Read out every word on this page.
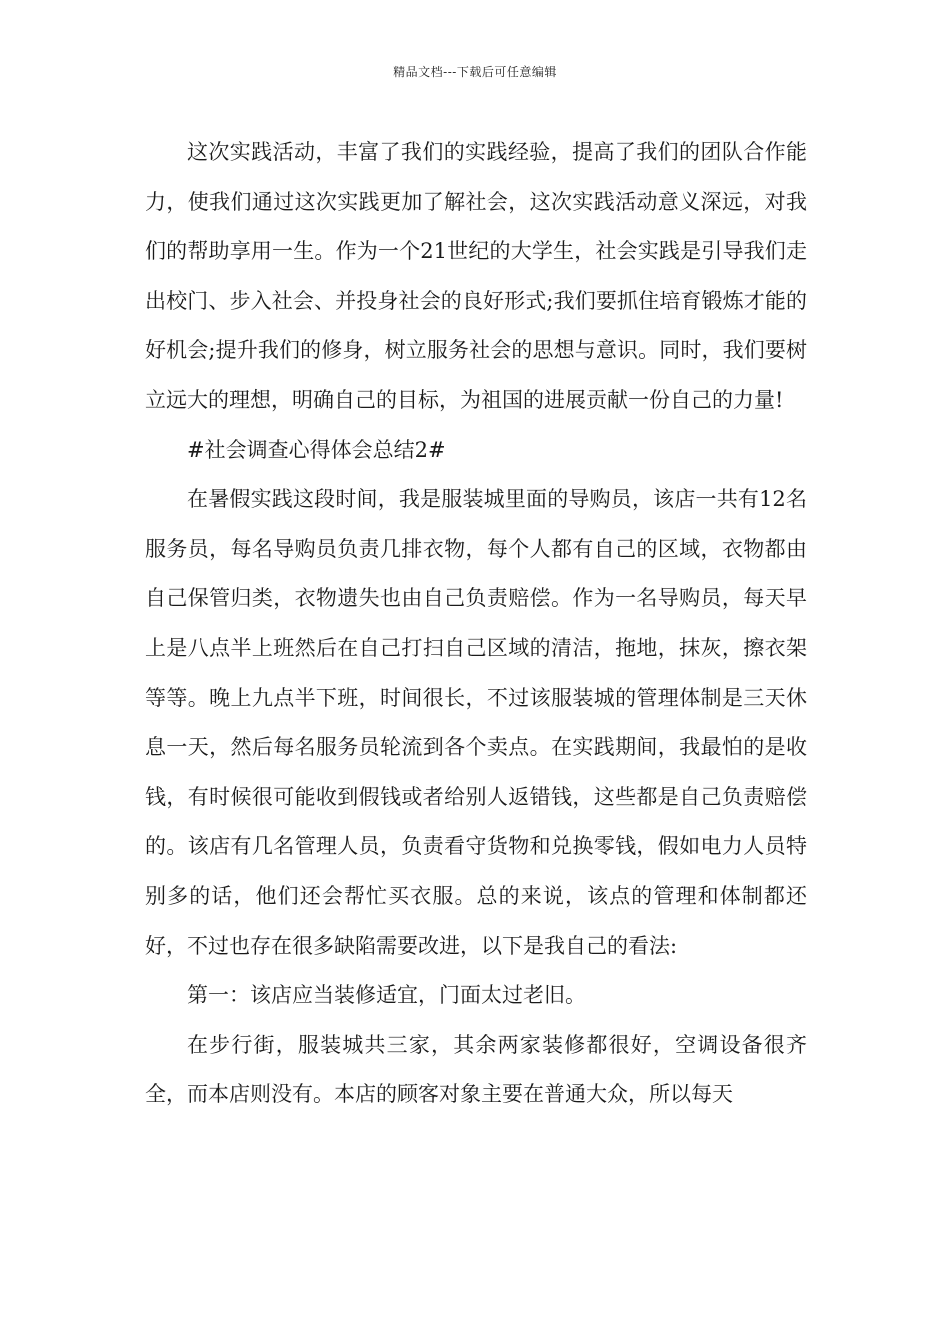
精品文档---下载后可任意编辑

这次实践活动，丰富了我们的实践经验，提高了我们的团队合作能力，使我们通过这次实践更加了解社会，这次实践活动意义深远，对我们的帮助享用一生。作为一个21世纪的大学生，社会实践是引导我们走出校门、步入社会、并投身社会的良好形式;我们要抓住培育锻炼才能的好机会;提升我们的修身，树立服务社会的思想与意识。同时，我们要树立远大的理想，明确自己的目标，为祖国的进展贡献一份自己的力量!

#社会调查心得体会总结2#

在暑假实践这段时间，我是服装城里面的导购员，该店一共有12名服务员，每名导购员负责几排衣物，每个人都有自己的区域，衣物都由自己保管归类，衣物遗失也由自己负责赔偿。作为一名导购员，每天早上是八点半上班然后在自己打扫自己区域的清洁，拖地，抹灰，擦衣架等等。晚上九点半下班，时间很长，不过该服装城的管理体制是三天休息一天，然后每名服务员轮流到各个卖点。在实践期间，我最怕的是收钱，有时候很可能收到假钱或者给别人返错钱，这些都是自己负责赔偿的。该店有几名管理人员，负责看守货物和兑换零钱，假如电力人员特别多的话，他们还会帮忙买衣服。总的来说，该点的管理和体制都还好，不过也存在很多缺陷需要改进，以下是我自己的看法:

第一：该店应当装修适宜，门面太过老旧。

在步行街，服装城共三家，其余两家装修都很好，空调设备很齐全，而本店则没有。本店的顾客对象主要在普通大众，所以每天
